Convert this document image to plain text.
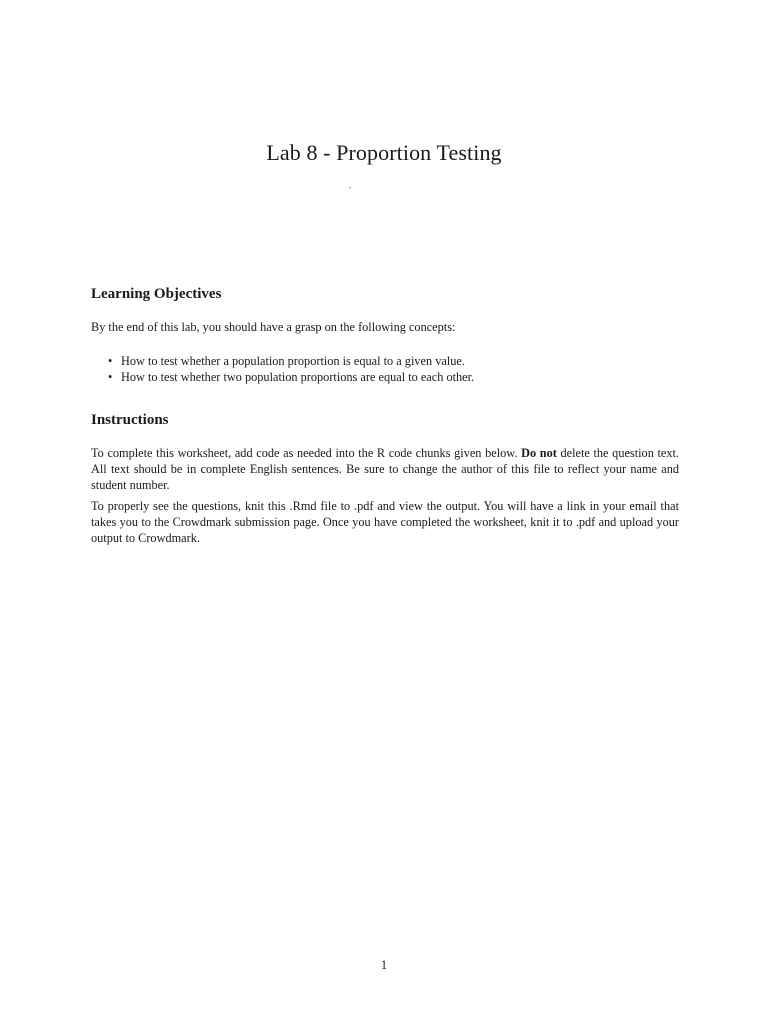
Lab 8 - Proportion Testing
-
Learning Objectives

By the end of this lab, you should have a grasp on the following concepts:

• How to test whether a population proportion is equal to a given value.
• How to test whether two population proportions are equal to each other.
Instructions

To complete this worksheet, add code as needed into the R code chunks given below. Do not delete the question text. All text should be in complete English sentences. Be sure to change the author of this file to reflect your name and student number.

To properly see the questions, knit this .Rmd file to .pdf and view the output. You will have a link in your email that takes you to the Crowdmark submission page. Once you have completed the worksheet, knit it to .pdf and upload your output to Crowdmark.

1
